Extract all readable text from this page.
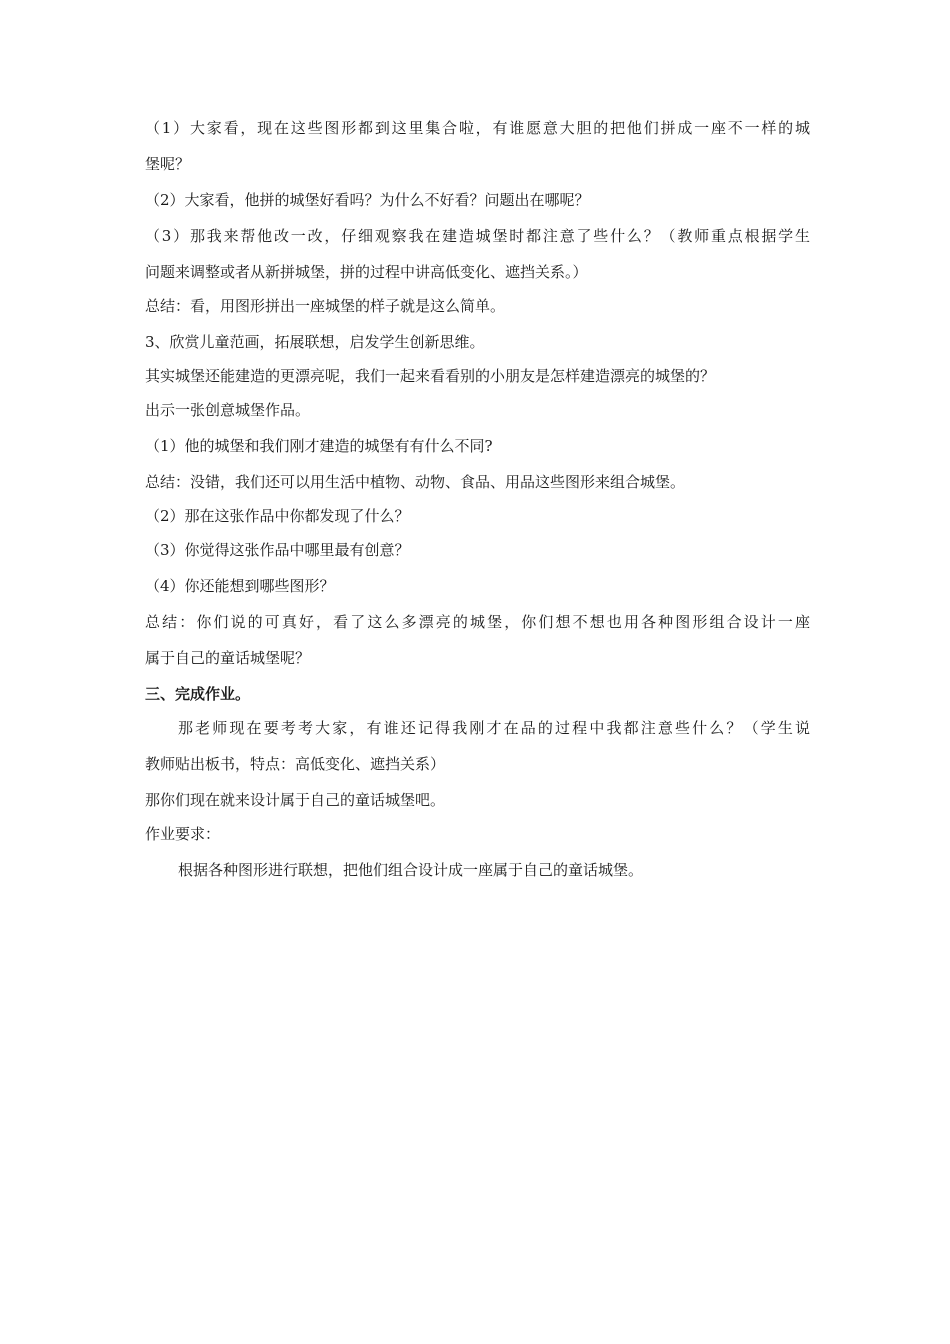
（1）大家看，现在这些图形都到这里集合啦，有谁愿意大胆的把他们拼成一座不一样的城
堡呢？
（2）大家看，他拼的城堡好看吗？为什么不好看？问题出在哪呢？
（3）那我来帮他改一改，仔细观察我在建造城堡时都注意了些什么？（教师重点根据学生
问题来调整或者从新拼城堡，拼的过程中讲高低变化、遮挡关系。）
总结：看，用图形拼出一座城堡的样子就是这么简单。
3、欣赏儿童范画，拓展联想，启发学生创新思维。
其实城堡还能建造的更漂亮呢，我们一起来看看别的小朋友是怎样建造漂亮的城堡的？
出示一张创意城堡作品。
（1）他的城堡和我们刚才建造的城堡有有什么不同?
总结：没错，我们还可以用生活中植物、动物、食品、用品这些图形来组合城堡。
（2）那在这张作品中你都发现了什么？
（3）你觉得这张作品中哪里最有创意？
（4）你还能想到哪些图形？
总结：你们说的可真好，看了这么多漂亮的城堡，你们想不想也用各种图形组合设计一座
属于自己的童话城堡呢？
三、完成作业。
那老师现在要考考大家，有谁还记得我刚才在品的过程中我都注意些什么？（学生说
教师贴出板书，特点：高低变化、遮挡关系）
那你们现在就来设计属于自己的童话城堡吧。
作业要求：
根据各种图形进行联想，把他们组合设计成一座属于自己的童话城堡。
